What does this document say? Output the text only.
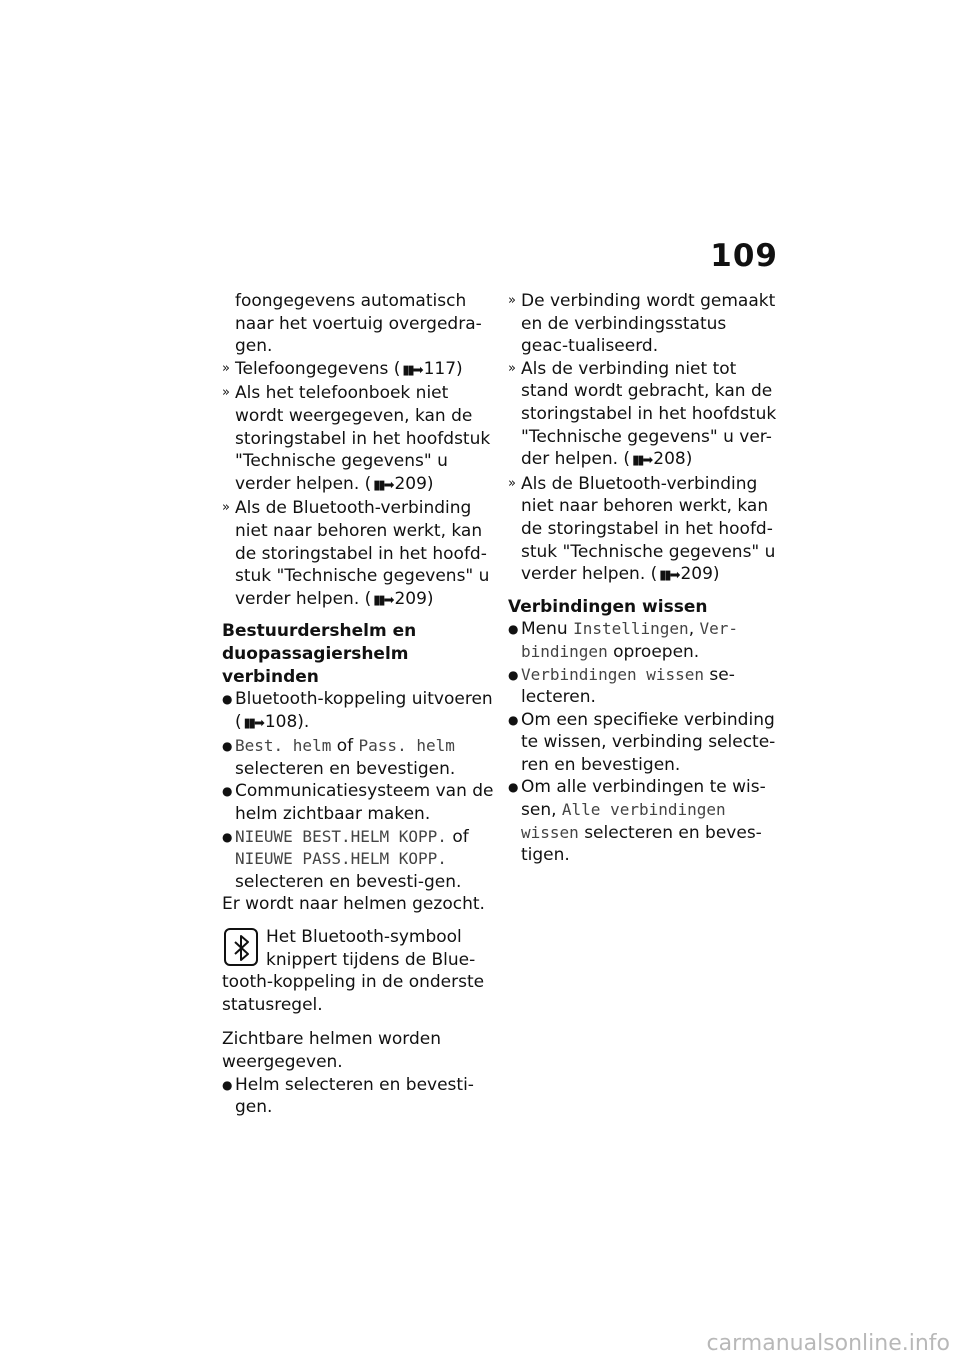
109
foongegevens automatisch naar het voertuig overgedra-gen.
» Telefoongegevens ( ▮▮➡ 117)
» Als het telefoonboek niet wordt weergegeven, kan de storingstabel in het hoofdstuk "Technische gegevens" u verder helpen. ( ▮▮➡ 209)
» Als de Bluetooth-verbinding niet naar behoren werkt, kan de storingstabel in het hoofd-stuk "Technische gegevens" u verder helpen. ( ▮▮➡ 209)
Bestuurdershelm en duopassagiershelm verbinden
● Bluetooth-koppeling uitvoeren ( ▮▮➡ 108).
● Best. helm of Pass. helm selecteren en bevestigen.
● Communicatiesysteem van de helm zichtbaar maken.
● NIEUWE BEST.HELM KOPP. of NIEUWE PASS.HELM KOPP. selecteren en bevesti-gen.
Er wordt naar helmen gezocht.
Het Bluetooth-symbool knippert tijdens de Blue-tooth-koppeling in de onderste statusregel.
Zichtbare helmen worden weergegeven.
● Helm selecteren en bevesti-gen.
» De verbinding wordt gemaakt en de verbindingsstatus geac-tualiseerd.
» Als de verbinding niet tot stand wordt gebracht, kan de storingstabel in het hoofdstuk "Technische gegevens" u ver-der helpen. ( ▮▮➡ 208)
» Als de Bluetooth-verbinding niet naar behoren werkt, kan de storingstabel in het hoofd-stuk "Technische gegevens" u verder helpen. ( ▮▮➡ 209)
Verbindingen wissen
● Menu Instellingen, Ver-bindingen oproepen.
● Verbindingen wissen se-lecteren.
● Om een specifieke verbinding te wissen, verbinding selecte-ren en bevestigen.
● Om alle verbindingen te wis-sen, Alle verbindingen wissen selecteren en beves-tigen.
carmanualsonline.info
